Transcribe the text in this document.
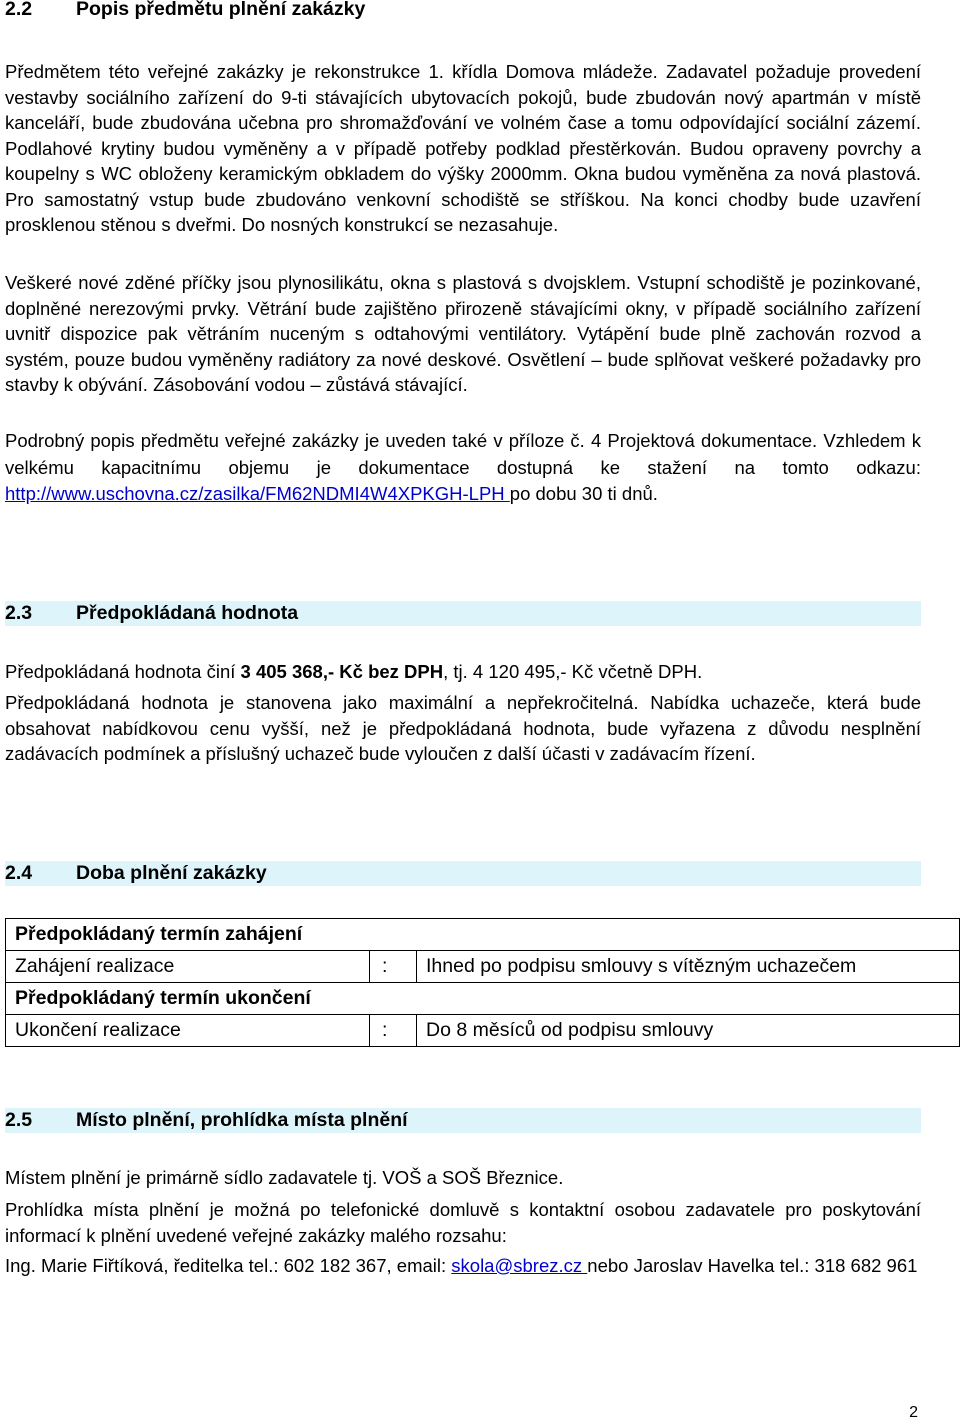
2.2 Popis předmětu plnění zakázky

Předmětem této veřejné zakázky je rekonstrukce 1. křídla Domova mládeže. Zadavatel požaduje provedení vestavby sociálního zařízení do 9-ti stávajících ubytovacích pokojů, bude zbudován nový apartmán v místě kanceláří, bude zbudována učebna pro shromažďování ve volném čase a tomu odpovídající sociální zázemí. Podlahové krytiny budou vyměněny a v případě potřeby podklad přestěrkován. Budou opraveny povrchy a koupelny s WC obloženy keramickým obkladem do výšky 2000mm. Okna budou vyměněna za nová plastová. Pro samostatný vstup bude zbudováno venkovní schodiště se stříškou. Na konci chodby bude uzavření prosklenou stěnou s dveřmi. Do nosných konstrukcí se nezasahuje.

Veškeré nové zděné příčky jsou plynosilikátu, okna s plastová s dvojsklem. Vstupní schodiště je pozinkované, doplněné nerezovými prvky. Větrání bude zajištěno přirozeně stávajícími okny, v případě sociálního zařízení uvnitř dispozice pak větráním nuceným s odtahovými ventilátory. Vytápění bude plně zachován rozvod a systém, pouze budou vyměněny radiátory za nové deskové. Osvětlení – bude splňovat veškeré požadavky pro stavby k obývání. Zásobování vodou – zůstává stávající.

Podrobný popis předmětu veřejné zakázky je uveden také v příloze č. 4 Projektová dokumentace. Vzhledem k velkému kapacitnímu objemu je dokumentace dostupná ke stažení na tomto odkazu: http://www.uschovna.cz/zasilka/FM62NDMI4W4XPKGH-LPH po dobu 30 ti dnů.

2.3 Předpokládaná hodnota

Předpokládaná hodnota činí 3 405 368,- Kč bez DPH, tj. 4 120 495,- Kč včetně DPH.

Předpokládaná hodnota je stanovena jako maximální a nepřekročitelná. Nabídka uchazeče, která bude obsahovat nabídkovou cenu vyšší, než je předpokládaná hodnota, bude vyřazena z důvodu nesplnění zadávacích podmínek a příslušný uchazeč bude vyloučen z další účasti v zadávacím řízení.

2.4 Doba plnění zakázky
Předpokládaný termín zahájení		
Zahájení realizace	:	Ihned po podpisu smlouvy s vítězným uchazečem
Předpokládaný termín ukončení		
Ukončení realizace	:	Do 8 měsíců od podpisu smlouvy
2.5 Místo plnění, prohlídka místa plnění

Místem plnění je primárně sídlo zadavatele tj. VOŠ a SOŠ Březnice.

Prohlídka místa plnění je možná po telefonické domluvě s kontaktní osobou zadavatele pro poskytování informací k plnění uvedené veřejné zakázky malého rozsahu:

Ing. Marie Fiřtíková, ředitelka tel.: 602 182 367, email: skola@sbrez.cz nebo Jaroslav Havelka tel.: 318 682 961

2
